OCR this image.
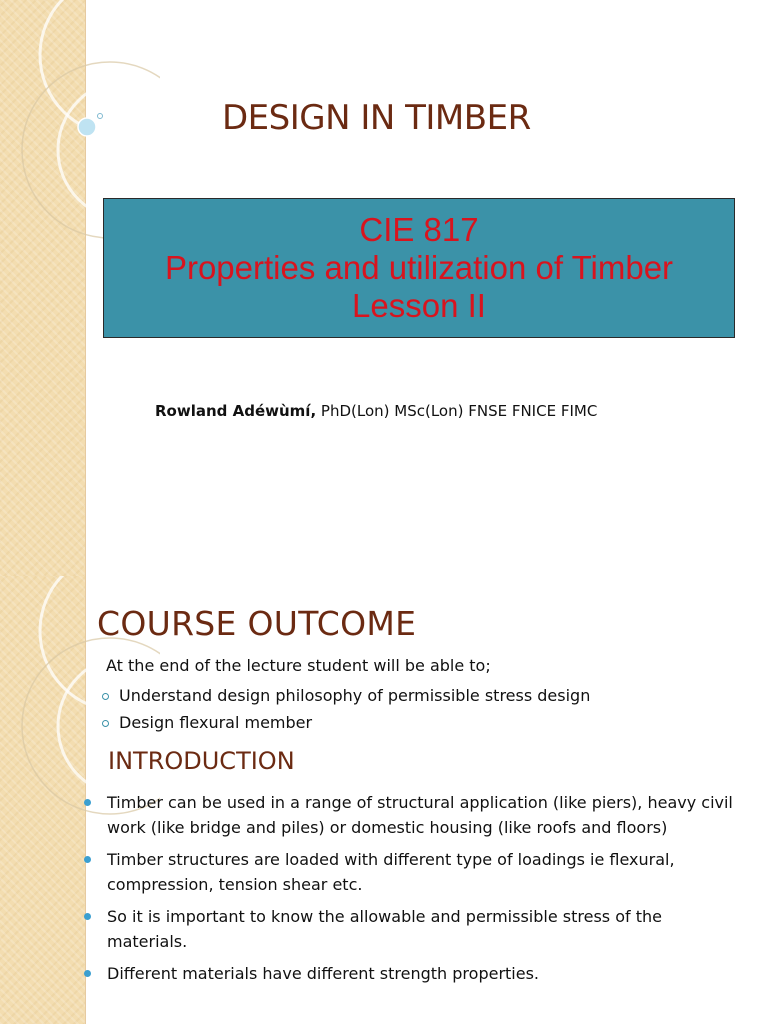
DESIGN IN TIMBER
CIE 817
Properties and utilization of Timber
Lesson II
Rowland Adéwùmí, PhD(Lon) MSc(Lon) FNSE FNICE FIMC
COURSE OUTCOME
At the end of the lecture student will be able to;
Understand design philosophy of permissible stress design
Design flexural member
INTRODUCTION
Timber can be used in a range of structural application (like piers), heavy civil work (like bridge and piles) or domestic housing (like roofs and floors)
Timber structures are loaded with different type of loadings ie flexural, compression, tension shear etc.
So it is important to know the allowable and permissible stress of the materials.
Different materials have different strength properties.
